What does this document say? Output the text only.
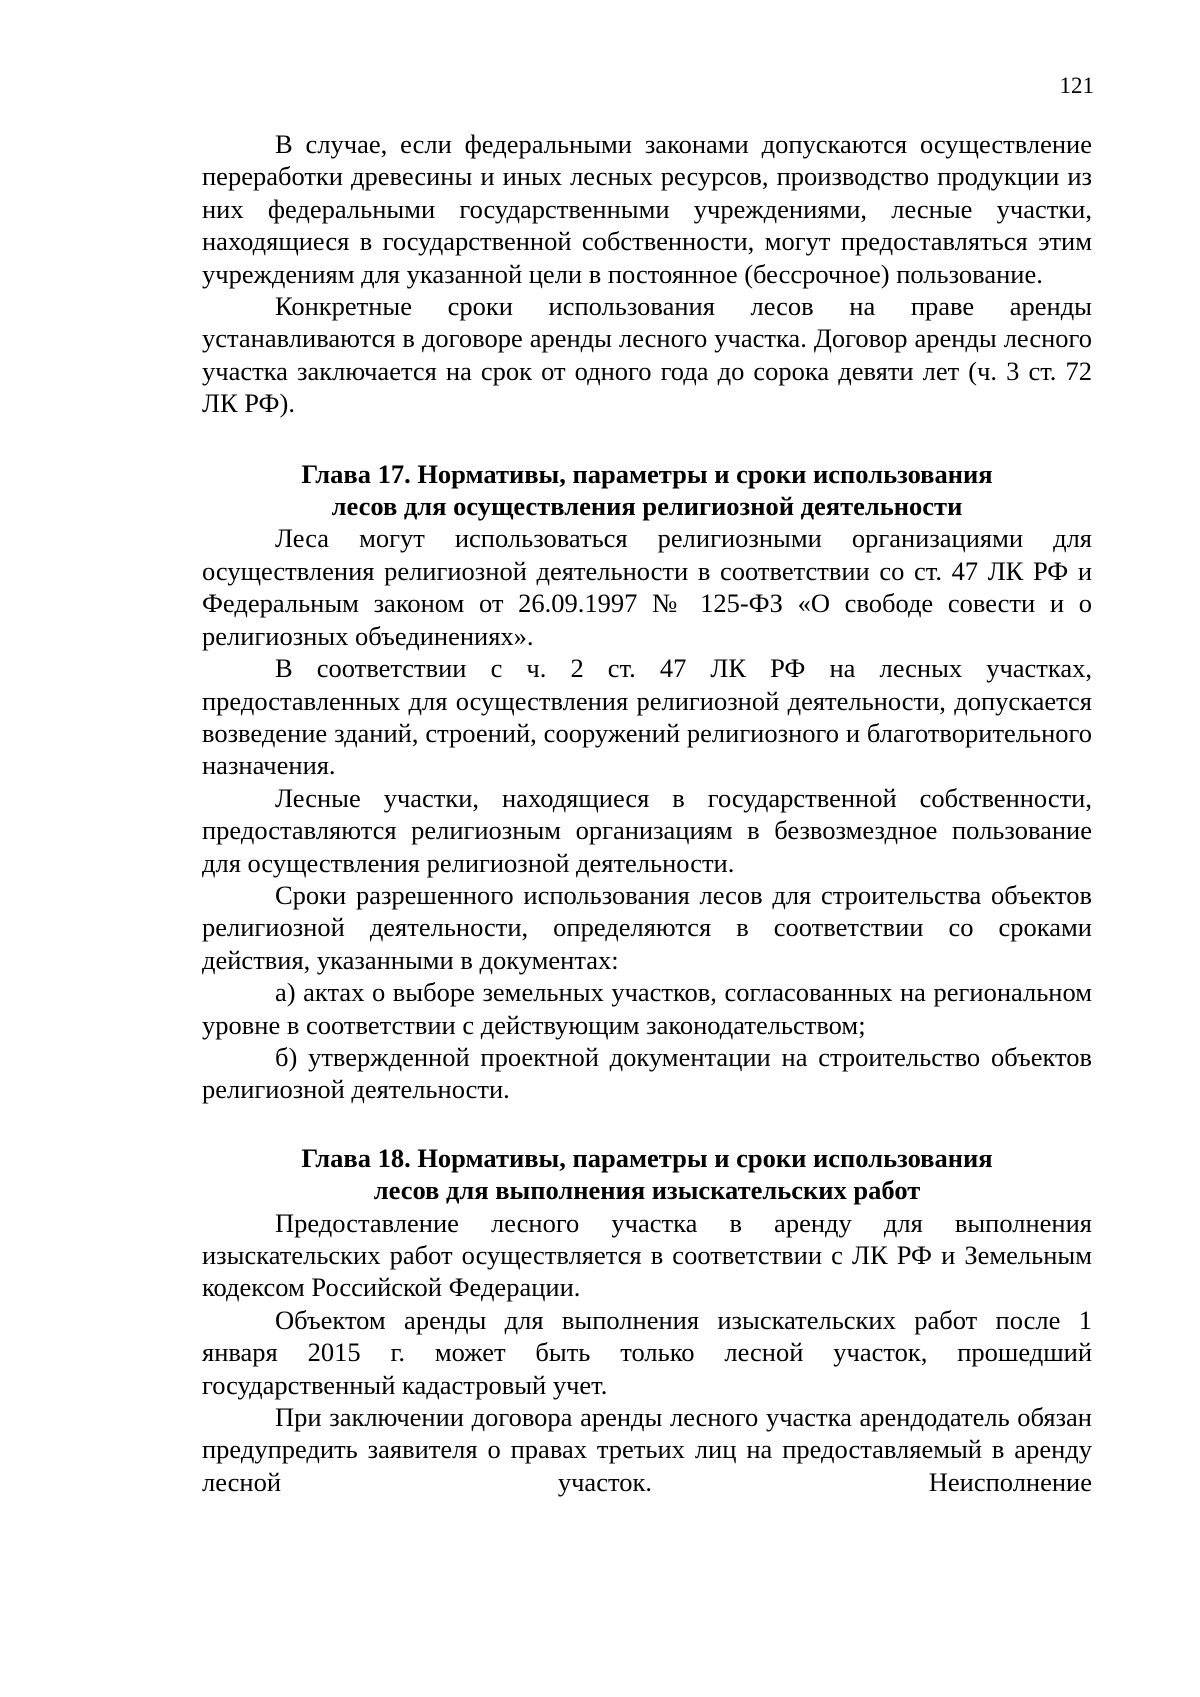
121

В случае, если федеральными законами допускаются осуществление переработки древесины и иных лесных ресурсов, производство продукции из них федеральными государственными учреждениями, лесные участки, находящиеся в государственной собственности, могут предоставляться этим учреждениям для указанной цели в постоянное (бессрочное) пользование.

Конкретные сроки использования лесов на праве аренды устанавливаются в договоре аренды лесного участка. Договор аренды лесного участка заключается на срок от одного года до сорока девяти лет (ч. 3 ст. 72 ЛК РФ).

Глава 17. Нормативы, параметры и сроки использования
лесов для осуществления религиозной деятельности

Леса могут использоваться религиозными организациями для осуществления религиозной деятельности в соответствии со ст. 47 ЛК РФ и Федеральным законом от 26.09.1997 № 125-ФЗ «О свободе совести и о религиозных объединениях».

В соответствии с ч. 2 ст. 47 ЛК РФ на лесных участках, предоставленных для осуществления религиозной деятельности, допускается возведение зданий, строений, сооружений религиозного и благотворительного назначения.

Лесные участки, находящиеся в государственной собственности, предоставляются религиозным организациям в безвозмездное пользование для осуществления религиозной деятельности.

Сроки разрешенного использования лесов для строительства объектов религиозной деятельности, определяются в соответствии со сроками действия, указанными в документах:

а) актах о выборе земельных участков, согласованных на региональном уровне в соответствии с действующим законодательством;

б) утвержденной проектной документации на строительство объектов религиозной деятельности.

Глава 18. Нормативы, параметры и сроки использования
лесов для выполнения изыскательских работ

Предоставление лесного участка в аренду для выполнения изыскательских работ осуществляется в соответствии с ЛК РФ и Земельным кодексом Российской Федерации.

Объектом аренды для выполнения изыскательских работ после 1 января 2015 г. может быть только лесной участок, прошедший государственный кадастровый учет.

При заключении договора аренды лесного участка арендодатель обязан предупредить заявителя о правах третьих лиц на предоставляемый в аренду лесной участок. Неисполнение
